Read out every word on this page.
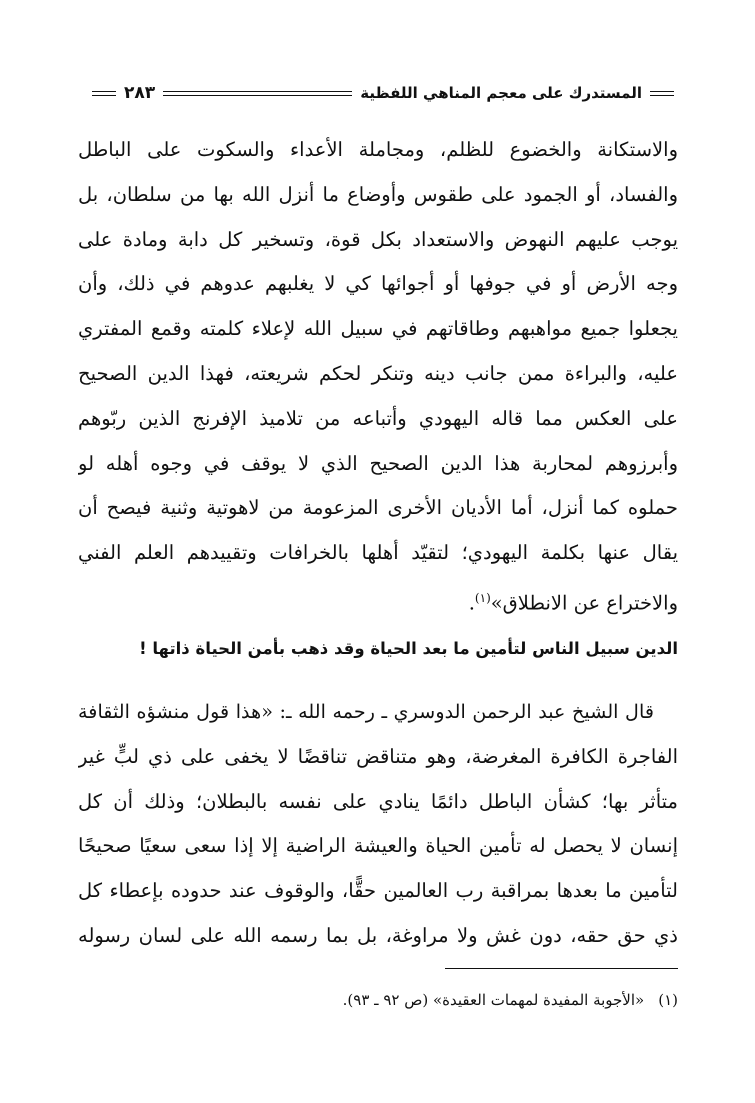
المستدرك على معجم المناهي اللفظية
٢٨٣
والاستكانة والخضوع للظلم، ومجاملة الأعداء والسكوت على الباطل
والفساد، أو الجمود على طقوس وأوضاع ما أنزل الله بها من سلطان، بل
يوجب عليهم النهوض والاستعداد بكل قوة، وتسخير كل دابة ومادة على
وجه الأرض أو في جوفها أو أجوائها كي لا يغلبهم عدوهم في ذلك، وأن
يجعلوا جميع مواهبهم وطاقاتهم في سبيل الله لإعلاء كلمته وقمع المفتري
عليه، والبراءة ممن جانب دينه وتنكر لحكم شريعته، فهذا الدين الصحيح
على العكس مما قاله اليهودي وأتباعه من تلاميذ الإفرنج الذين ربّوهم
وأبرزوهم لمحاربة هذا الدين الصحيح الذي لا يوقف في وجوه أهله لو
حملوه كما أنزل، أما الأديان الأخرى المزعومة من لاهوتية وثنية فيصح أن
يقال عنها بكلمة اليهودي؛ لتقيّد أهلها بالخرافات وتقييدهم العلم الفني
والاختراع عن الانطلاق»$^{(١)}$.
الدين سبيل الناس لتأمين ما بعد الحياة وقد ذهب بأمن الحياة ذاتها !
قال الشيخ عبد الرحمن الدوسري ـ رحمه الله ـ: «هذا قول منشؤه الثقافة
الفاجرة الكافرة المغرضة، وهو متناقض تناقضًا لا يخفى على ذي لبٍّ غير
متأثر بها؛ كشأن الباطل دائمًا ينادي على نفسه بالبطلان؛ وذلك أن كل
إنسان لا يحصل له تأمين الحياة والعيشة الراضية إلا إذا سعى سعيًا صحيحًا
لتأمين ما بعدها بمراقبة رب العالمين حقًّا، والوقوف عند حدوده بإعطاء كل
ذي حق حقه، دون غش ولا مراوغة، بل بما رسمه الله على لسان رسوله
(١)«الأجوبة المفيدة لمهمات العقيدة» (ص ٩٢ ـ ٩٣).
